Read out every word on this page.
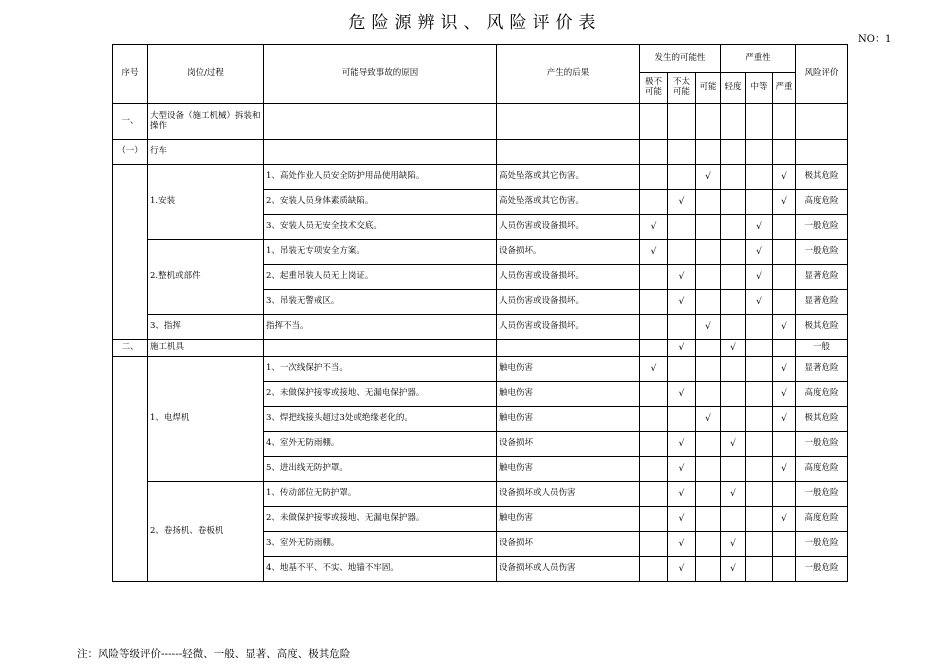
危险源辨识、风险评价表
NO：1
序号	岗位/过程	可能导致事故的原因	产生的后果	发生的可能性			严重性			风险评价
				极不可能	不太可能	可能	轻度	中等	严重	
一、	大型设备（施工机械）拆装和操作									
（一）	行车									
	1.安装	1、高处作业人员安全防护用品使用缺陷。	高处坠落或其它伤害。			√			√	极其危险
		2、安装人员身体素质缺陷。	高处坠落或其它伤害。		√				√	高度危险
		3、安装人员无安全技术交底。	人员伤害或设备损坏。	√				√		一般危险
	2.整机或部件	1、吊装无专项安全方案。	设备损坏。	√				√		一般危险
		2、起重吊装人员无上岗证。	人员伤害或设备损坏。		√			√		显著危险
		3、吊装无警戒区。	人员伤害或设备损坏。		√			√		显著危险
	3、指挥	指挥不当。	人员伤害或设备损坏。			√			√	极其危险
二、	施工机具				√		√			一般
	1、电焊机	1、一次线保护不当。	触电伤害	√					√	显著危险
		2、未做保护接零或接地、无漏电保护器。	触电伤害		√				√	高度危险
		3、焊把线接头超过3处或绝缘老化的。	触电伤害			√			√	极其危险
		4、室外无防雨棚。	设备损坏		√		√			一般危险
		5、进出线无防护罩。	触电伤害		√				√	高度危险
	2、卷扬机、卷板机	1、传动部位无防护罩。	设备损坏或人员伤害		√		√			一般危险
		2、未做保护接零或接地、无漏电保护器。	触电伤害		√				√	高度危险
		3、室外无防雨棚。	设备损坏		√		√			一般危险
		4、地基不平、不实、地锚不牢固。	设备损坏或人员伤害		√		√			一般危险
注：风险等级评价------轻微、一般、显著、高度、极其危险
